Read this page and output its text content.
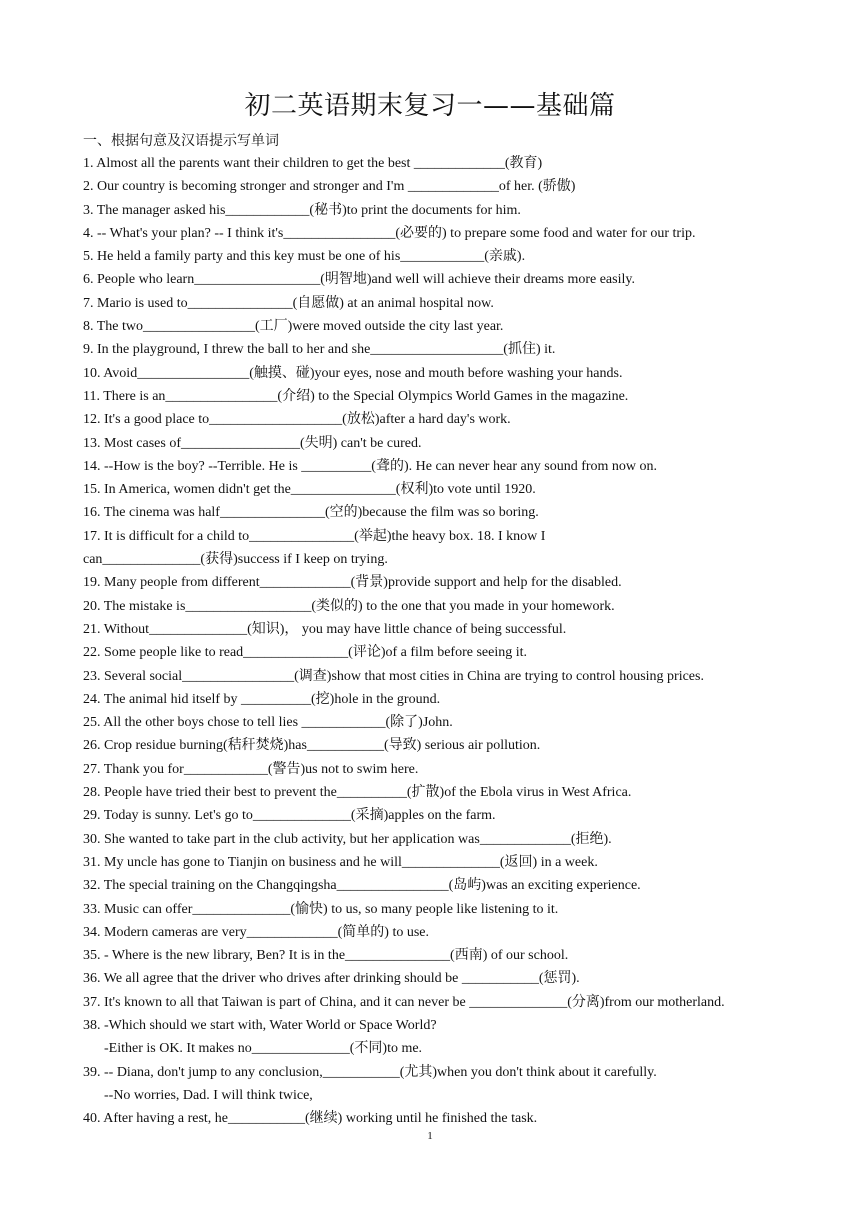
初二英语期末复习一——基础篇
一、根据句意及汉语提示写单词
1. Almost all the parents want their children to get the best _____________(教育)
2. Our country is becoming stronger and stronger and I'm _____________of her. (骄傲)
3. The manager asked his____________(秘书)to print the documents for him.
4. -- What's your plan? -- I think it's________________(必要的) to prepare some food and water for our trip.
5. He held a family party and this key must be one of his____________(亲戚).
6. People who learn__________________(明智地)and well will achieve their dreams more easily.
7. Mario is used to_______________(自愿做) at an animal hospital now.
8. The two________________(工厂)were moved outside the city last year.
9. In the playground, I threw the ball to her and she___________________(抓住) it.
10. Avoid________________(触摸、碰)your eyes, nose and mouth before washing your hands.
11. There is an________________(介绍) to the Special Olympics World Games in the magazine.
12. It's a good place to___________________(放松)after a hard day's work.
13. Most cases of_________________(失明) can't be cured.
14. --How is the boy? --Terrible. He is __________(聋的). He can never hear any sound from now on.
15. In America, women didn't get the_______________(权利)to vote until 1920.
16. The cinema was half_______________(空的)because the film was so boring.
17. It is difficult for a child to_______________(举起)the heavy box. 18. I know I
can______________(获得)success if I keep on trying.
19. Many people from different_____________(背景)provide support and help for the disabled.
20. The mistake is__________________(类似的) to the one that you made in your homework.
21. Without______________(知识)， you may have little chance of being successful.
22. Some people like to read_______________(评论)of a film before seeing it.
23. Several social________________(调查)show that most cities in China are trying to control housing prices.
24. The animal hid itself by __________(挖)hole in the ground.
25. All the other boys chose to tell lies ____________(除了)John.
26. Crop residue burning(秸秆焚烧)has___________(导致) serious air pollution.
27. Thank you for____________(警告)us not to swim here.
28. People have tried their best to prevent the__________(扩散)of the Ebola virus in West Africa.
29. Today is sunny. Let's go to______________(采摘)apples on the farm.
30. She wanted to take part in the club activity, but her application was_____________(拒绝).
31. My uncle has gone to Tianjin on business and he will______________(返回) in a week.
32. The special training on the Changqingsha________________(岛屿)was an exciting experience.
33. Music can offer______________(愉快) to us, so many people like listening to it.
34. Modern cameras are very_____________(简单的) to use.
35. - Where is the new library, Ben? It is in the_______________(西南) of our school.
36. We all agree that the driver who drives after drinking should be ___________(惩罚).
37. It's known to all that Taiwan is part of China, and it can never be ______________(分离)from our motherland.
38. -Which should we start with, Water World or Space World?
-Either is OK. It makes no______________(不同)to me.
39. -- Diana, don't jump to any conclusion,___________(尤其)when you don't think about it carefully.
--No worries, Dad. I will think twice,
40. After having a rest, he___________(继续) working until he finished the task.
1
